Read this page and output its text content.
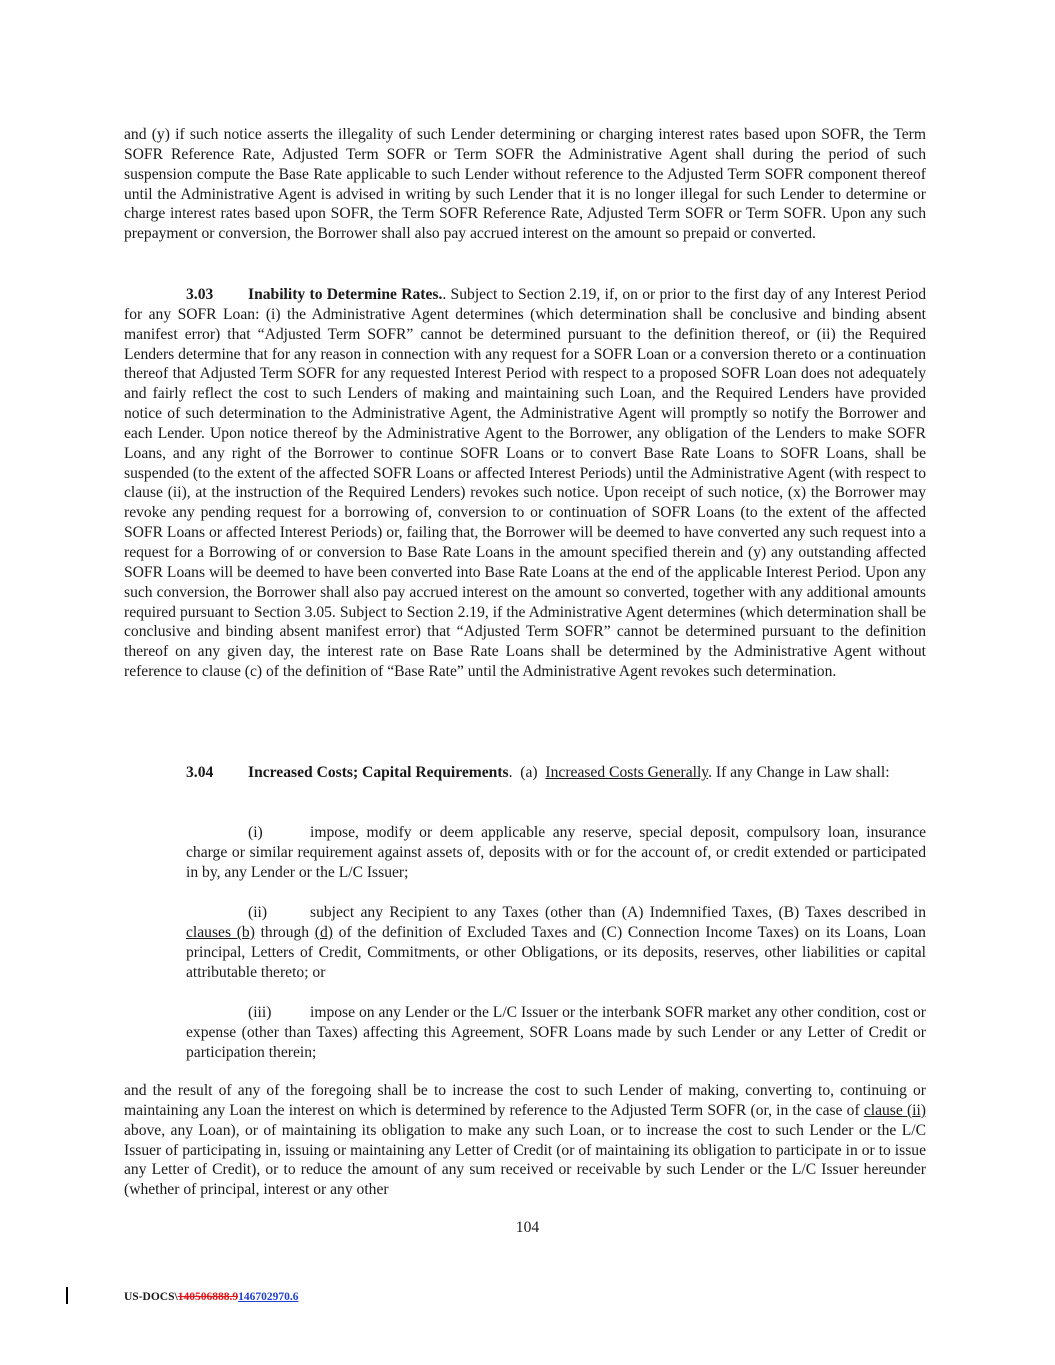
and (y) if such notice asserts the illegality of such Lender determining or charging interest rates based upon SOFR, the Term SOFR Reference Rate, Adjusted Term SOFR or Term SOFR the Administrative Agent shall during the period of such suspension compute the Base Rate applicable to such Lender without reference to the Adjusted Term SOFR component thereof until the Administrative Agent is advised in writing by such Lender that it is no longer illegal for such Lender to determine or charge interest rates based upon SOFR, the Term SOFR Reference Rate, Adjusted Term SOFR or Term SOFR. Upon any such prepayment or conversion, the Borrower shall also pay accrued interest on the amount so prepaid or converted.

3.03 Inability to Determine Rates.. Subject to Section 2.19, if, on or prior to the first day of any Interest Period for any SOFR Loan: (i) the Administrative Agent determines (which determination shall be conclusive and binding absent manifest error) that “Adjusted Term SOFR” cannot be determined pursuant to the definition thereof, or (ii) the Required Lenders determine that for any reason in connection with any request for a SOFR Loan or a conversion thereto or a continuation thereof that Adjusted Term SOFR for any requested Interest Period with respect to a proposed SOFR Loan does not adequately and fairly reflect the cost to such Lenders of making and maintaining such Loan, and the Required Lenders have provided notice of such determination to the Administrative Agent, the Administrative Agent will promptly so notify the Borrower and each Lender. Upon notice thereof by the Administrative Agent to the Borrower, any obligation of the Lenders to make SOFR Loans, and any right of the Borrower to continue SOFR Loans or to convert Base Rate Loans to SOFR Loans, shall be suspended (to the extent of the affected SOFR Loans or affected Interest Periods) until the Administrative Agent (with respect to clause (ii), at the instruction of the Required Lenders) revokes such notice. Upon receipt of such notice, (x) the Borrower may revoke any pending request for a borrowing of, conversion to or continuation of SOFR Loans (to the extent of the affected SOFR Loans or affected Interest Periods) or, failing that, the Borrower will be deemed to have converted any such request into a request for a Borrowing of or conversion to Base Rate Loans in the amount specified therein and (y) any outstanding affected SOFR Loans will be deemed to have been converted into Base Rate Loans at the end of the applicable Interest Period. Upon any such conversion, the Borrower shall also pay accrued interest on the amount so converted, together with any additional amounts required pursuant to Section 3.05. Subject to Section 2.19, if the Administrative Agent determines (which determination shall be conclusive and binding absent manifest error) that “Adjusted Term SOFR” cannot be determined pursuant to the definition thereof on any given day, the interest rate on Base Rate Loans shall be determined by the Administrative Agent without reference to clause (c) of the definition of “Base Rate” until the Administrative Agent revokes such determination.

3.04 Increased Costs; Capital Requirements.  (a)  Increased Costs Generally. If any Change in Law shall:

(i)	impose, modify or deem applicable any reserve, special deposit, compulsory loan, insurance charge or similar requirement against assets of, deposits with or for the account of, or credit extended or participated in by, any Lender or the L/C Issuer;

(ii)	subject any Recipient to any Taxes (other than (A) Indemnified Taxes, (B) Taxes described in clauses (b) through (d) of the definition of Excluded Taxes and (C) Connection Income Taxes) on its Loans, Loan principal, Letters of Credit, Commitments, or other Obligations, or its deposits, reserves, other liabilities or capital attributable thereto; or

(iii) impose on any Lender or the L/C Issuer or the interbank SOFR market any other condition, cost or expense (other than Taxes) affecting this Agreement, SOFR Loans made by such Lender or any Letter of Credit or participation therein;

and the result of any of the foregoing shall be to increase the cost to such Lender of making, converting to, continuing or maintaining any Loan the interest on which is determined by reference to the Adjusted Term SOFR (or, in the case of clause (ii) above, any Loan), or of maintaining its obligation to make any such Loan, or to increase the cost to such Lender or the L/C Issuer of participating in, issuing or maintaining any Letter of Credit (or of maintaining its obligation to participate in or to issue any Letter of Credit), or to reduce the amount of any sum received or receivable by such Lender or the L/C Issuer hereunder (whether of principal, interest or any other

104
US-DOCS\140506888.9146702970.6
